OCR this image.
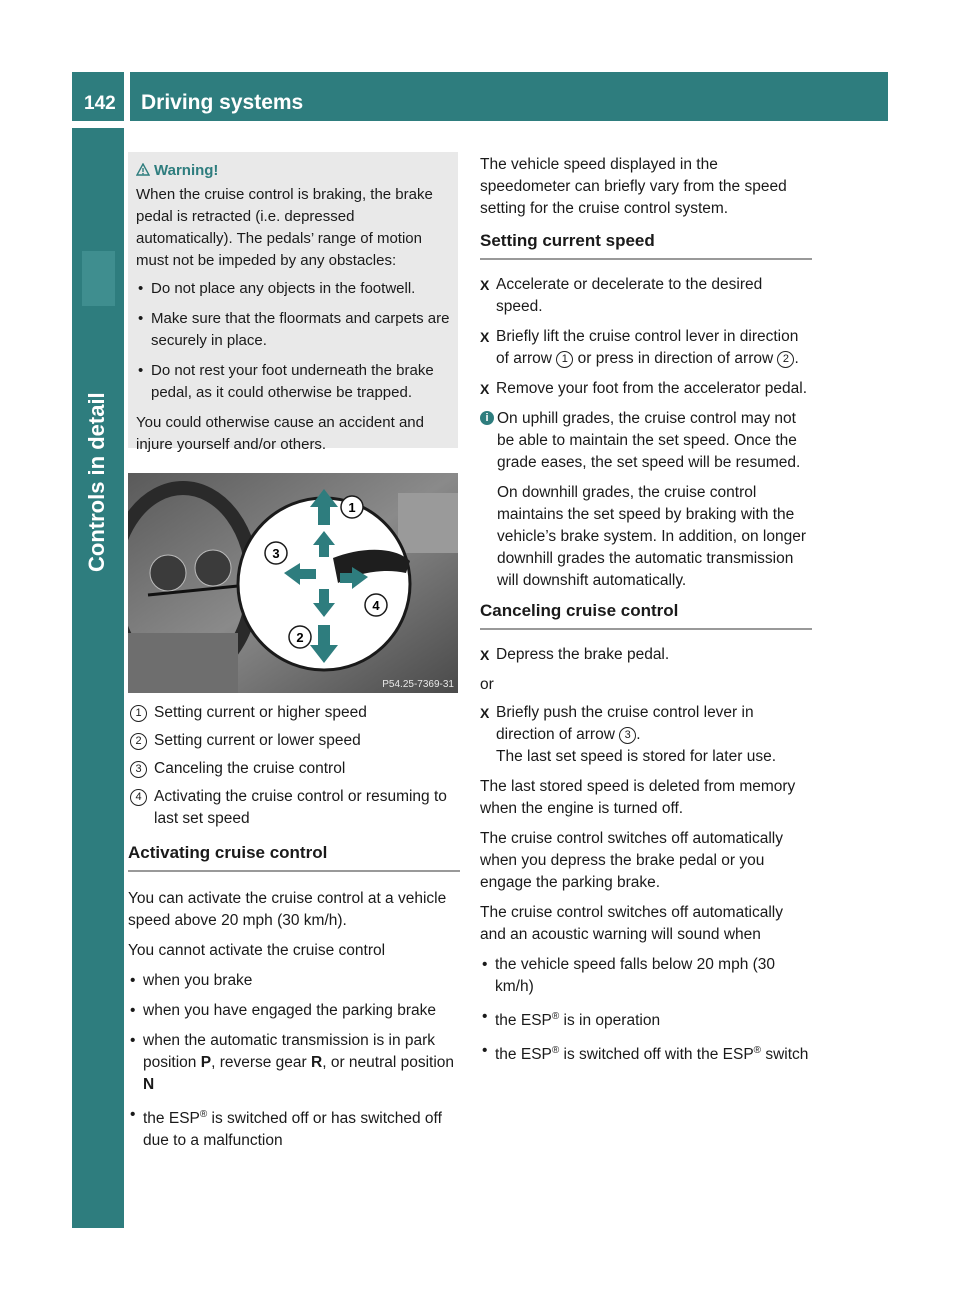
142 Driving systems
Controls in detail
Warning!

When the cruise control is braking, the brake pedal is retracted (i.e. depressed automatically). The pedals’ range of motion must not be impeded by any obstacles:

• Do not place any objects in the footwell.
• Make sure that the floormats and carpets are securely in place.
• Do not rest your foot underneath the brake pedal, as it could otherwise be trapped.

You could otherwise cause an accident and injure yourself and/or others.

1
2
3
4
P54.25-7369-31
1 Setting current or higher speed
2 Setting current or lower speed
3 Canceling the cruise control
4 Activating the cruise control or resuming to last set speed
Activating cruise control

You can activate the cruise control at a vehicle speed above 20 mph (30 km/h).

You cannot activate the cruise control

• when you brake
• when you have engaged the parking brake
• when the automatic transmission is in park position P, reverse gear R, or neutral position N
• the ESP® is switched off or has switched off due to a malfunction

The vehicle speed displayed in the speedometer can briefly vary from the speed setting for the cruise control system.

Setting current speed
X Accelerate or decelerate to the desired speed.
X Briefly lift the cruise control lever in direction of arrow 1 or press in direction of arrow 2 .
X Remove your foot from the accelerator pedal.
i On uphill grades, the cruise control may not be able to maintain the set speed. Once the grade eases, the set speed will be resumed.

On downhill grades, the cruise control maintains the set speed by braking with the vehicle’s brake system. In addition, on longer downhill grades the automatic transmission will downshift automatically.

Canceling cruise control
X Depress the brake pedal.

or

X Briefly push the cruise control lever in direction of arrow 3 .
The last set speed is stored for later use.

The last stored speed is deleted from memory when the engine is turned off.

The cruise control switches off automatically when you depress the brake pedal or you engage the parking brake.

The cruise control switches off automatically and an acoustic warning will sound when

• the vehicle speed falls below 20 mph (30 km/h)
• the ESP® is in operation
• the ESP® is switched off with the ESP® switch
